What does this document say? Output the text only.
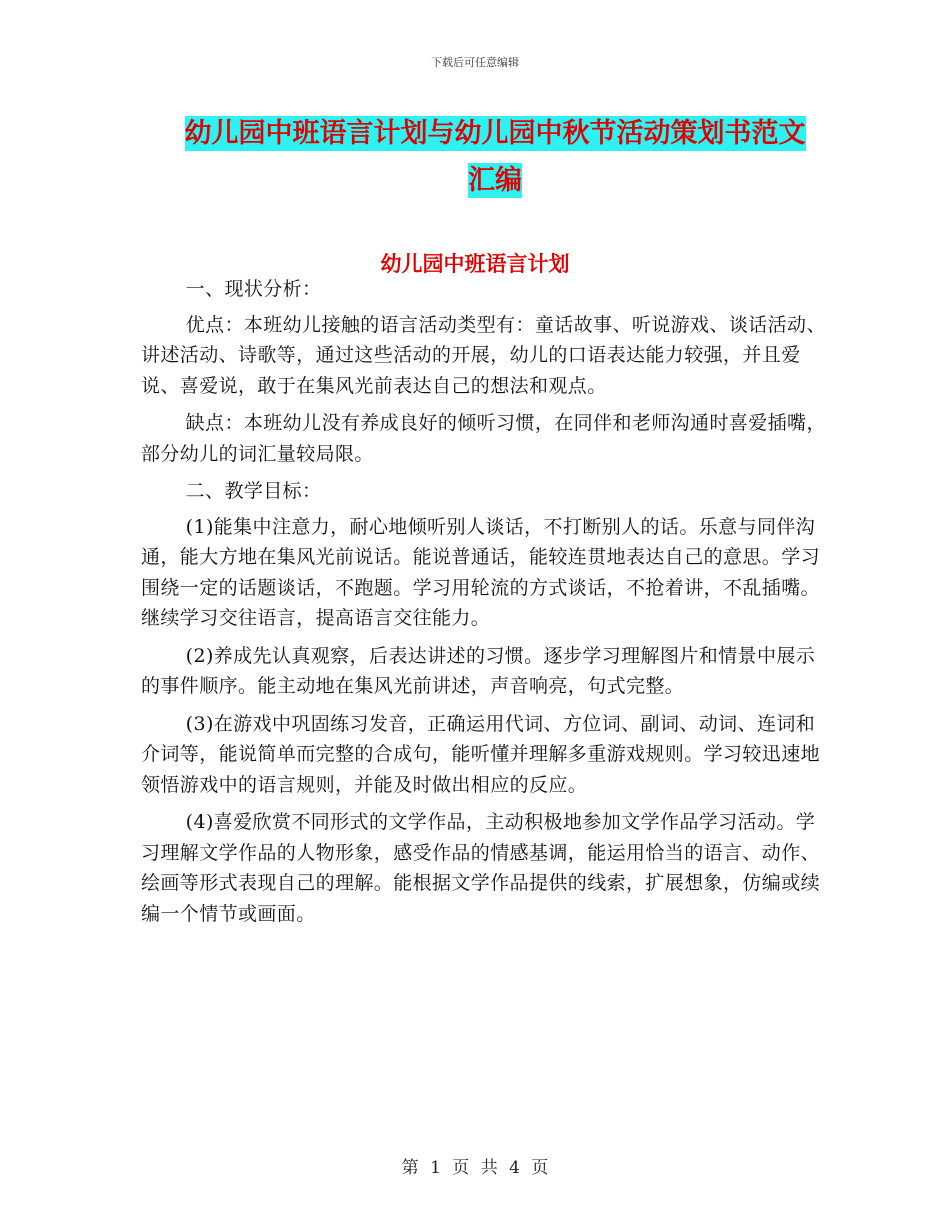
下载后可任意编辑
幼儿园中班语言计划与幼儿园中秋节活动策划书范文
汇编
幼儿园中班语言计划

一、现状分析：

优点：本班幼儿接触的语言活动类型有：童话故事、听说游戏、谈话活动、讲述活动、诗歌等，通过这些活动的开展，幼儿的口语表达能力较强，并且爱说、喜爱说，敢于在集风光前表达自己的想法和观点。

缺点：本班幼儿没有养成良好的倾听习惯，在同伴和老师沟通时喜爱插嘴，部分幼儿的词汇量较局限。

二、教学目标：

(1)能集中注意力，耐心地倾听别人谈话，不打断别人的话。乐意与同伴沟通，能大方地在集风光前说话。能说普通话，能较连贯地表达自己的意思。学习围绕一定的话题谈话，不跑题。学习用轮流的方式谈话，不抢着讲，不乱插嘴。继续学习交往语言，提高语言交往能力。

(2)养成先认真观察，后表达讲述的习惯。逐步学习理解图片和情景中展示的事件顺序。能主动地在集风光前讲述，声音响亮，句式完整。

(3)在游戏中巩固练习发音，正确运用代词、方位词、副词、动词、连词和介词等，能说简单而完整的合成句，能听懂并理解多重游戏规则。学习较迅速地领悟游戏中的语言规则，并能及时做出相应的反应。

(4)喜爱欣赏不同形式的文学作品，主动积极地参加文学作品学习活动。学习理解文学作品的人物形象，感受作品的情感基调，能运用恰当的语言、动作、绘画等形式表现自己的理解。能根据文学作品提供的线索，扩展想象，仿编或续编一个情节或画面。

第 1 页 共 4 页
